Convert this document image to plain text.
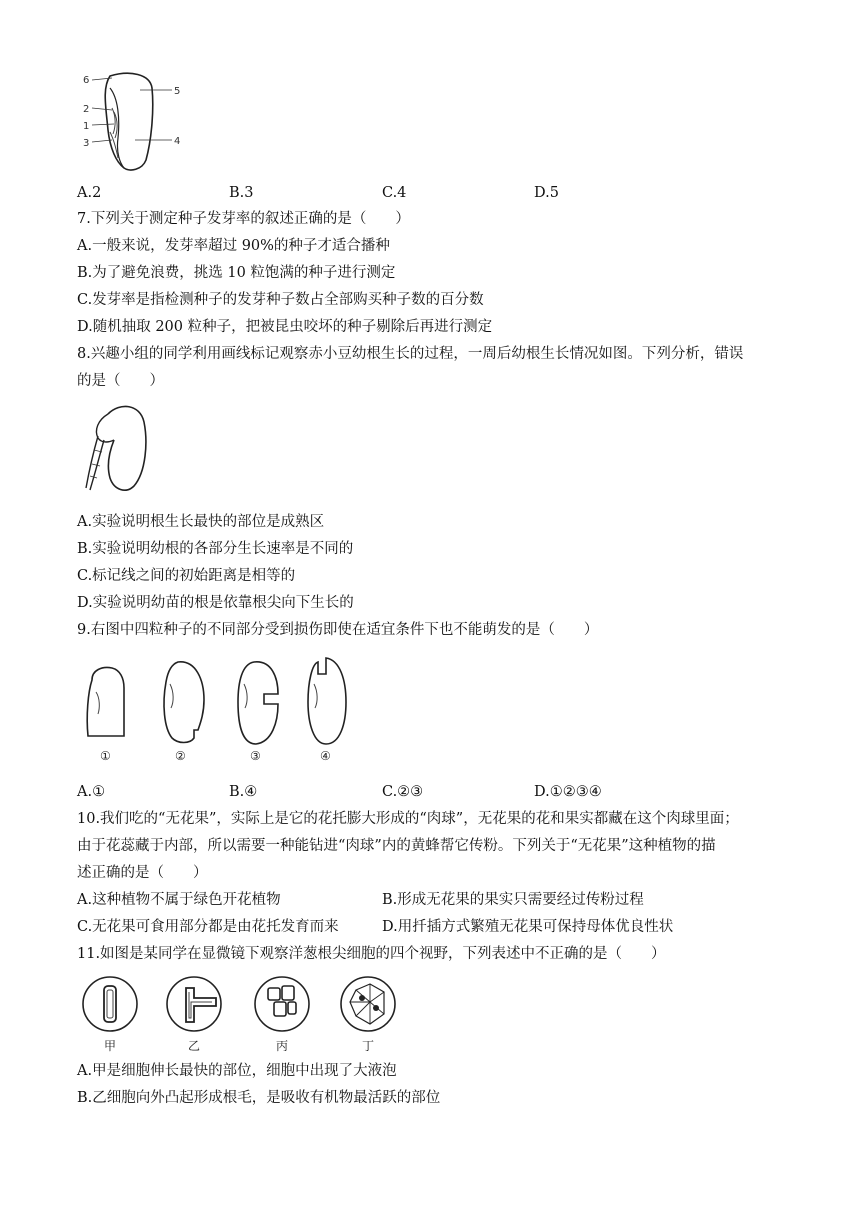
6
2
1
3
5
4
A.2	B.3	C.4	D.5
7.下列关于测定种子发芽率的叙述正确的是（　　）
A.一般来说，发芽率超过 90%的种子才适合播种
B.为了避免浪费，挑选 10 粒饱满的种子进行测定
C.发芽率是指检测种子的发芽种子数占全部购买种子数的百分数
D.随机抽取 200 粒种子，把被昆虫咬坏的种子剔除后再进行测定
8.兴趣小组的同学利用画线标记观察赤小豆幼根生长的过程，一周后幼根生长情况如图。下列分析，错误
的是（　　）
A.实验说明根生长最快的部位是成熟区
B.实验说明幼根的各部分生长速率是不同的
C.标记线之间的初始距离是相等的
D.实验说明幼苗的根是依靠根尖向下生长的
9.右图中四粒种子的不同部分受到损伤即使在适宜条件下也不能萌发的是（　　）
①	②	③	④
A.①	B.④	C.②③	D.①②③④
10.我们吃的“无花果”，实际上是它的花托膨大形成的“肉球”，无花果的花和果实都藏在这个肉球里面；
由于花蕊藏于内部，所以需要一种能钻进“肉球”内的黄蜂帮它传粉。下列关于“无花果”这种植物的描
述正确的是（　　）
A.这种植物不属于绿色开花植物	B.形成无花果的果实只需要经过传粉过程
C.无花果可食用部分都是由花托发育而来	D.用扦插方式繁殖无花果可保持母体优良性状
11.如图是某同学在显微镜下观察洋葱根尖细胞的四个视野，下列表述中不正确的是（　　）
甲	乙	丙	丁
A.甲是细胞伸长最快的部位，细胞中出现了大液泡
B.乙细胞向外凸起形成根毛，是吸收有机物最活跃的部位
